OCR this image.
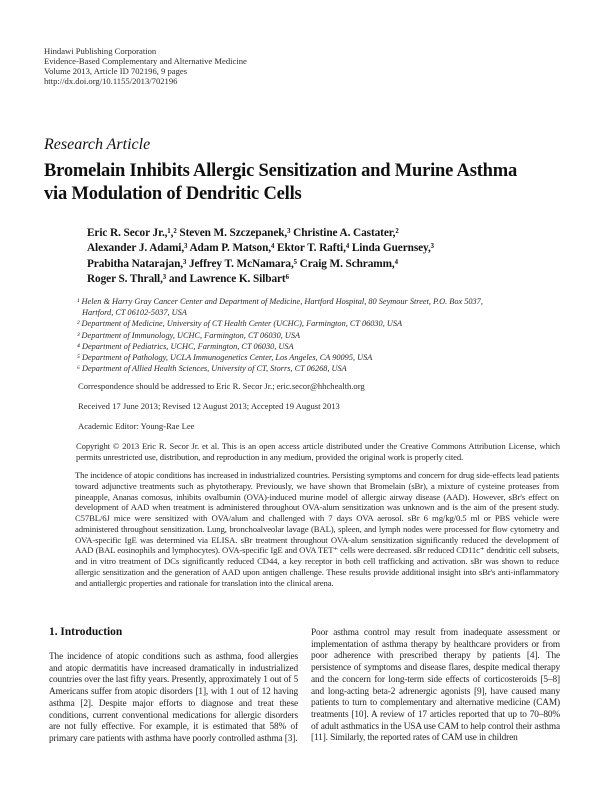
Hindawi Publishing Corporation
Evidence-Based Complementary and Alternative Medicine
Volume 2013, Article ID 702196, 9 pages
http://dx.doi.org/10.1155/2013/702196
Research Article
Bromelain Inhibits Allergic Sensitization and Murine Asthma
via Modulation of Dendritic Cells
Eric R. Secor Jr.,¹,² Steven M. Szczepanek,³ Christine A. Castater,²
Alexander J. Adami,³ Adam P. Matson,⁴ Ektor T. Rafti,⁴ Linda Guernsey,³
Prabitha Natarajan,³ Jeffrey T. McNamara,⁵ Craig M. Schramm,⁴
Roger S. Thrall,³ and Lawrence K. Silbart⁶
¹ Helen & Harry Gray Cancer Center and Department of Medicine, Hartford Hospital, 80 Seymour Street, P.O. Box 5037,
Hartford, CT 06102-5037, USA
² Department of Medicine, University of CT Health Center (UCHC), Farmington, CT 06030, USA
³ Department of Immunology, UCHC, Farmington, CT 06030, USA
⁴ Department of Pediatrics, UCHC, Farmington, CT 06030, USA
⁵ Department of Pathology, UCLA Immunogenetics Center, Los Angeles, CA 90095, USA
⁶ Department of Allied Health Sciences, University of CT, Storrs, CT 06268, USA
Correspondence should be addressed to Eric R. Secor Jr.; eric.secor@hhchealth.org
Received 17 June 2013; Revised 12 August 2013; Accepted 19 August 2013
Academic Editor: Young-Rae Lee
Copyright © 2013 Eric R. Secor Jr. et al. This is an open access article distributed under the Creative Commons Attribution License, which permits unrestricted use, distribution, and reproduction in any medium, provided the original work is properly cited.
The incidence of atopic conditions has increased in industrialized countries. Persisting symptoms and concern for drug side-effects lead patients toward adjunctive treatments such as phytotherapy. Previously, we have shown that Bromelain (sBr), a mixture of cysteine proteases from pineapple, Ananas comosus, inhibits ovalbumin (OVA)-induced murine model of allergic airway disease (AAD). However, sBr's effect on development of AAD when treatment is administered throughout OVA-alum sensitization was unknown and is the aim of the present study. C57BL/6J mice were sensitized with OVA/alum and challenged with 7 days OVA aerosol. sBr 6 mg/kg/0.5 ml or PBS vehicle were administered throughout sensitization. Lung, bronchoalveolar lavage (BAL), spleen, and lymph nodes were processed for flow cytometry and OVA-specific IgE was determined via ELISA. sBr treatment throughout OVA-alum sensitization significantly reduced the development of AAD (BAL eosinophils and lymphocytes). OVA-specific IgE and OVA TET⁺ cells were decreased. sBr reduced CD11c⁺ dendritic cell subsets, and in vitro treatment of DCs significantly reduced CD44, a key receptor in both cell trafficking and activation. sBr was shown to reduce allergic sensitization and the generation of AAD upon antigen challenge. These results provide additional insight into sBr's anti-inflammatory and antiallergic properties and rationale for translation into the clinical arena.
1. Introduction
The incidence of atopic conditions such as asthma, food allergies and atopic dermatitis have increased dramatically in industrialized countries over the last fifty years. Presently, approximately 1 out of 5 Americans suffer from atopic disorders [1], with 1 out of 12 having asthma [2]. Despite major efforts to diagnose and treat these conditions, current conventional medications for allergic disorders are not fully effective. For example, it is estimated that 58% of primary care patients with asthma have poorly controlled asthma [3].
Poor asthma control may result from inadequate assessment or implementation of asthma therapy by healthcare providers or from poor adherence with prescribed therapy by patients [4]. The persistence of symptoms and disease flares, despite medical therapy and the concern for long-term side effects of corticosteroids [5–8] and long-acting beta-2 adrenergic agonists [9], have caused many patients to turn to complementary and alternative medicine (CAM) treatments [10]. A review of 17 articles reported that up to 70–80% of adult asthmatics in the USA use CAM to help control their asthma [11]. Similarly, the reported rates of CAM use in children
